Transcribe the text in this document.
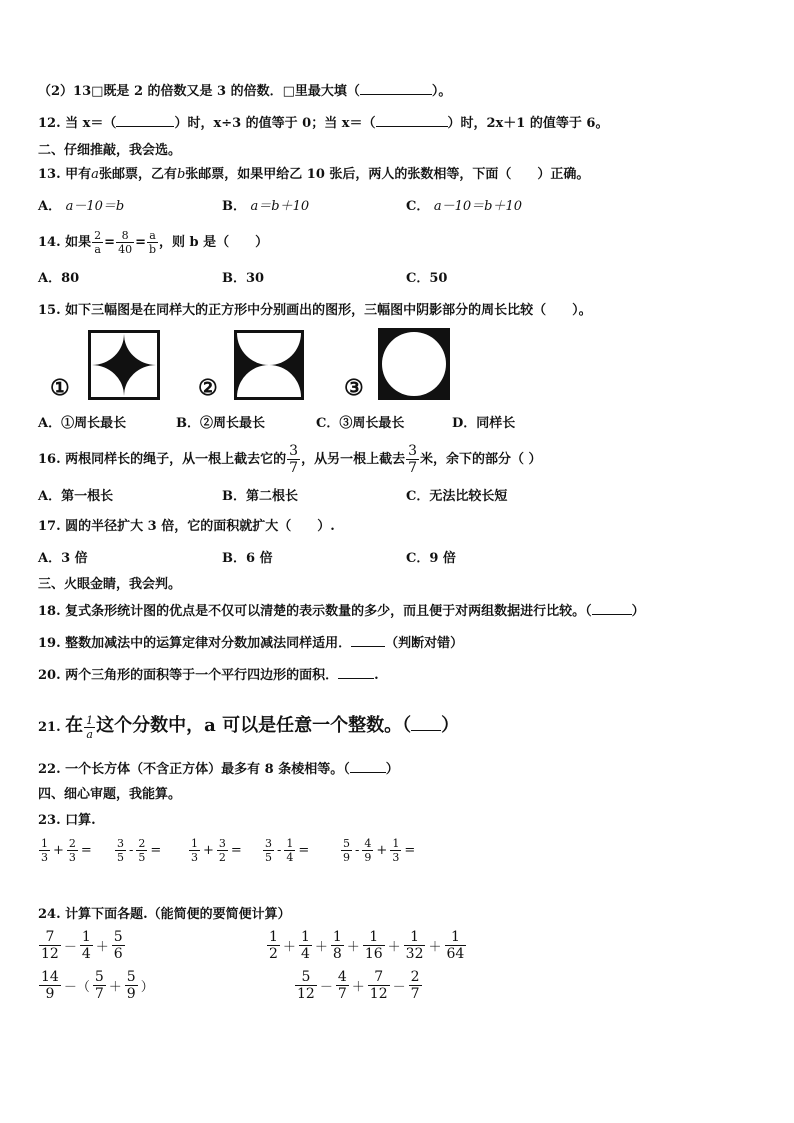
（2）13□既是 2 的倍数又是 3 的倍数．□里最大填（	）。
12. 当 x＝（	）时，x÷3 的值等于 0；当 x＝（	）时，2x＋1 的值等于 6。
二、仔细推敲，我会选。
13. 甲有a张邮票，乙有b张邮票，如果甲给乙 10 张后，两人的张数相等，下面（　　）正确。
A． a－10＝b	B． a＝b＋10	C． a－10＝b＋10
14. 如果 $\frac{2}{a} = \frac{8}{40} = \frac{a}{b}$ ，则 b 是（　　）
A．80	B．30	C．50
15. 如下三幅图是在同样大的正方形中分别画出的图形，三幅图中阴影部分的周长比较（　　）。
①	②	③
A．①周长最长	B．②周长最长	C．③周长最长	D．同样长
16. 两根同样长的绳子，从一根上截去它的 $\frac{3}{7}$ ，从另一根上截去 $\frac{3}{7}$ 米，余下的部分（ ）
A．第一根长	B．第二根长	C．无法比较长短
17. 圆的半径扩大 3 倍，它的面积就扩大（　　）.
A．3 倍	B．6 倍	C．9 倍
三、火眼金睛，我会判。
18. 复式条形统计图的优点是不仅可以清楚的表示数量的多少，而且便于对两组数据进行比较。（	）
19. 整数加减法中的运算定律对分数加减法同样适用．	（判断对错）
20. 两个三角形的面积等于一个平行四边形的面积．	.
21. 在 $\frac{1}{a}$ 这个分数中，a 可以是任意一个整数。（ ）
22. 一个长方体（不含正方体）最多有 8 条棱相等。（	）
四、细心审题，我能算。
23. 口算.
24. 计算下面各题.（能简便的要简便计算）
$\frac{1}{3} + \frac{2}{3} = \frac{3}{5} - \frac{2}{5}$ =	$\frac{1}{3} + \frac{3}{2} = \frac{3}{5} - \frac{1}{4}$ =	$\frac{5}{9} - \frac{4}{9} + \frac{1}{3}$ =
$\frac{7}{12} - \frac{1}{4} + \frac{5}{6}$	$\frac{1}{2} + \frac{1}{4} + \frac{1}{8} + \frac{1}{16} + \frac{1}{32} + \frac{1}{64}$
$\frac{14}{9}$ －（ $\frac{5}{7} + \frac{5}{9}$ ）	$\frac{5}{12} - \frac{4}{7} + \frac{7}{12} - \frac{2}{7}$
